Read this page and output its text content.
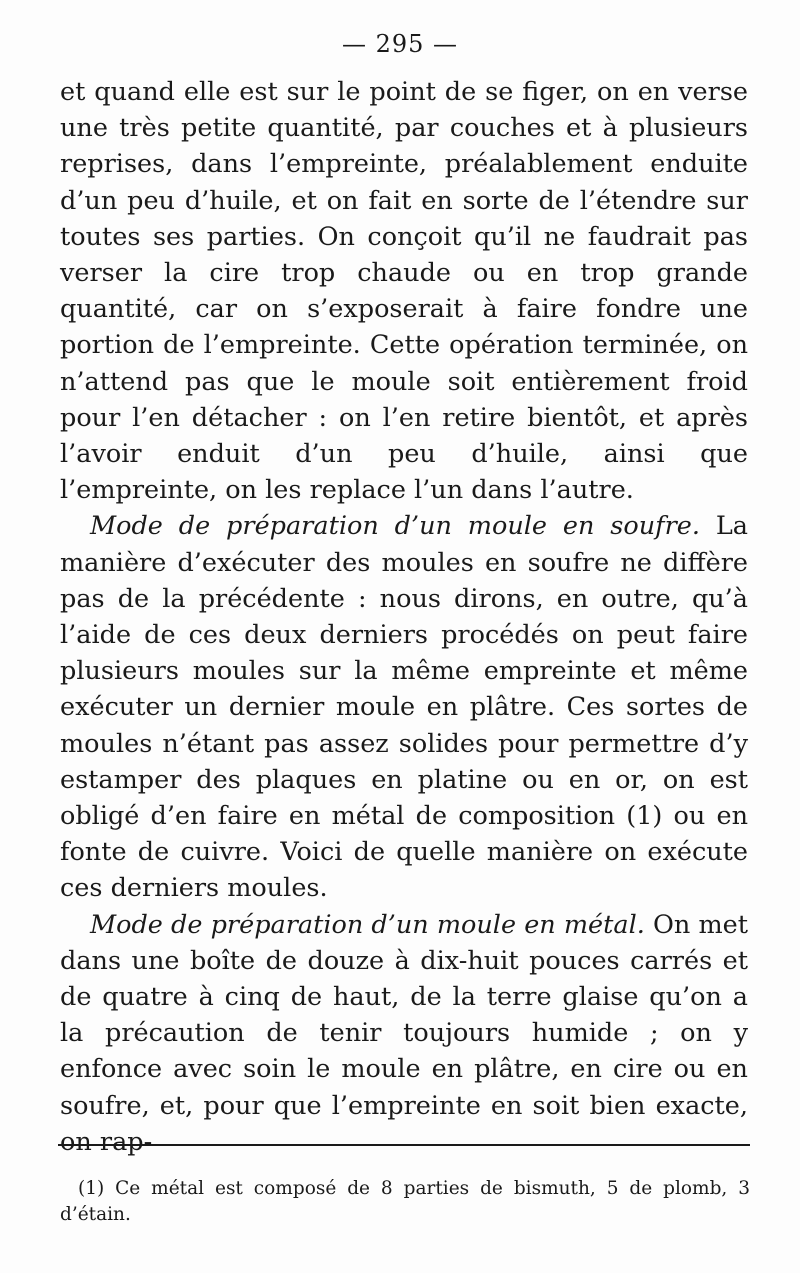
— 295 —

et quand elle est sur le point de se figer, on en verse une très petite quantité, par couches et à plusieurs reprises, dans l’empreinte, préalablement enduite d’un peu d’huile, et on fait en sorte de l’étendre sur toutes ses parties. On conçoit qu’il ne faudrait pas verser la cire trop chaude ou en trop grande quantité, car on s’exposerait à faire fondre une portion de l’empreinte. Cette opération terminée, on n’attend pas que le moule soit entièrement froid pour l’en détacher : on l’en retire bientôt, et après l’avoir enduit d’un peu d’huile, ainsi que l’empreinte, on les replace l’un dans l’autre.

Mode de préparation d’un moule en soufre. La manière d’exécuter des moules en soufre ne diffère pas de la précédente : nous dirons, en outre, qu’à l’aide de ces deux derniers procédés on peut faire plusieurs moules sur la même empreinte et même exécuter un dernier moule en plâtre. Ces sortes de moules n’étant pas assez solides pour permettre d’y estamper des plaques en platine ou en or, on est obligé d’en faire en métal de composition (1) ou en fonte de cuivre. Voici de quelle manière on exécute ces derniers moules.

Mode de préparation d’un moule en métal. On met dans une boîte de douze à dix-huit pouces carrés et de quatre à cinq de haut, de la terre glaise qu’on a la précaution de tenir toujours humide ; on y enfonce avec soin le moule en plâtre, en cire ou en soufre, et, pour que l’empreinte en soit bien exacte, on rap-

(1) Ce métal est composé de 8 parties de bismuth, 5 de plomb, 3 d’étain.
